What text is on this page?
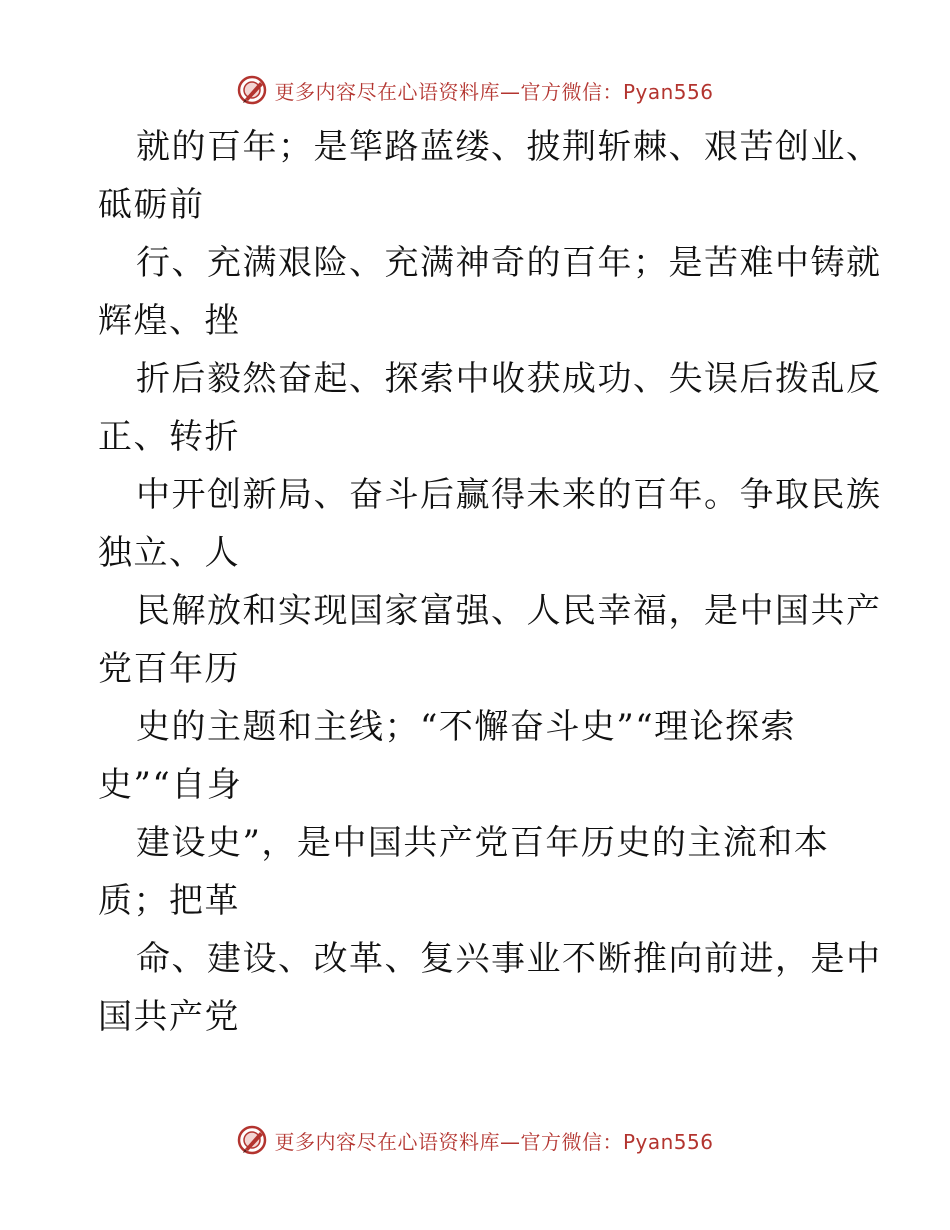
更多内容尽在心语资料库—官方微信：Pyan556
就的百年；是筚路蓝缕、披荆斩棘、艰苦创业、
砥砺前
行、充满艰险、充满神奇的百年；是苦难中铸就
辉煌、挫
折后毅然奋起、探索中收获成功、失误后拨乱反
正、转折
中开创新局、奋斗后赢得未来的百年。争取民族
独立、人
民解放和实现国家富强、人民幸福，是中国共产
党百年历
史的主题和主线；“不懈奋斗史”“理论探索
史”“自身
建设史”，是中国共产党百年历史的主流和本
质；把革
命、建设、改革、复兴事业不断推向前进，是中
国共产党
更多内容尽在心语资料库—官方微信：Pyan556
